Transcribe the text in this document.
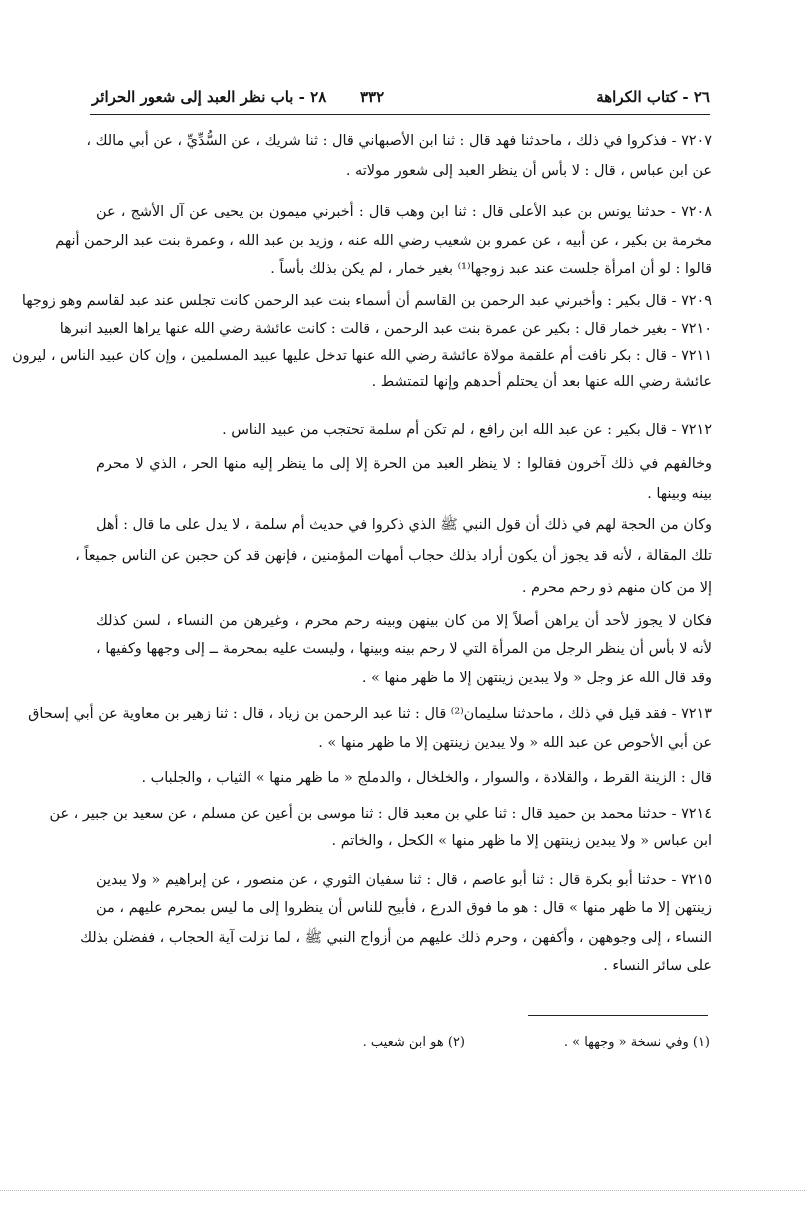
٢٦ - كتاب الكراهة
٣٣٢
٢٨ - باب نظر العبد إلى شعور الحرائر
٧٢٠٧ - فذكروا في ذلك ، ماحدثنا فهد قال : ثنا ابن الأصبهاني قال : ثنا شريك ، عن السُّدِّيِّ ، عن أبي مالك ،
عن ابن عباس ، قال : لا بأس أن ينظر العبد إلى شعور مولاته .
٧٢٠٨ - حدثنا يونس بن عبد الأعلى قال : ثنا ابن وهب قال : أخبرني ميمون بن يحيى عن آل الأشج ، عن
مخرمة بن بكير ، عن أبيه ، عن عمرو بن شعيب رضي الله عنه ، وزيد بن عبد الله ، وعمرة بنت عبد الرحمن أنهم
قالوا : لو أن امرأة جلست عند عبد زوجها⁽¹⁾ بغير خمار ، لم يكن بذلك بأساً .
٧٢٠٩ - قال بكير : وأخبرني عبد الرحمن بن القاسم أن أسماء بنت عبد الرحمن كانت تجلس عند عبد لقاسم وهو زوجها
٧٢١٠ - بغير خمار قال : بكير عن عمرة بنت عبد الرحمن ، قالت : كانت عائشة رضي الله عنها يراها العبيد انبرها
٧٢١١ - قال : بكر نافت أم علقمة مولاة عائشة رضي الله عنها تدخل عليها عبيد المسلمين ، وإن كان عبيد الناس ، ليرون
عائشة رضي الله عنها بعد أن يحتلم أحدهم وإنها لتمتشط .
٧٢١٢ - قال بكير : عن عبد الله ابن رافع ، لم تكن أم سلمة تحتجب من عبيد الناس .
وخالفهم في ذلك آخرون فقالوا : لا ينظر العبد من الحرة إلا إلى ما ينظر إليه منها الحر ، الذي لا محرم
بينه وبينها .
وكان من الحجة لهم في ذلك أن قول النبي ﷺ الذي ذكروا في حديث أم سلمة ، لا يدل على ما قال : أهل
تلك المقالة ، لأنه قد يجوز أن يكون أراد بذلك حجاب أمهات المؤمنين ، فإنهن قد كن حجبن عن الناس جميعاً ،
إلا من كان منهم ذو رحم محرم .
فكان لا يجوز لأحد أن يراهن أصلاً إلا من كان بينهن وبينه رحم محرم ، وغيرهن من النساء ، لسن كذلك
لأنه لا بأس أن ينظر الرجل من المرأة التي لا رحم بينه وبينها ، وليست عليه بمحرمة ــ إلى وجهها وكفيها ،
وقد قال الله عز وجل « ولا يبدين زينتهن إلا ما ظهر منها » .
٧٢١٣ - فقد قيل في ذلك ، ماحدثنا سليمان⁽²⁾ قال : ثنا عبد الرحمن بن زياد ، قال : ثنا زهير بن معاوية عن أبي إسحاق
عن أبي الأحوص عن عبد الله « ولا يبدين زينتهن إلا ما ظهر منها » .
قال : الزينة القرط ، والقلادة ، والسوار ، والخلخال ، والدملج « ما ظهر منها » الثياب ، والجلباب .
٧٢١٤ - حدثنا محمد بن حميد قال : ثنا علي بن معبد قال : ثنا موسى بن أعين عن مسلم ، عن سعيد بن جبير ، عن
ابن عباس « ولا يبدين زينتهن إلا ما ظهر منها » الكحل ، والخاتم .
٧٢١٥ - حدثنا أبو بكرة قال : ثنا أبو عاصم ، قال : ثنا سفيان الثوري ، عن منصور ، عن إبراهيم « ولا يبدين
زينتهن إلا ما ظهر منها » قال : هو ما فوق الدرع ، فأبيح للناس أن ينظروا إلى ما ليس بمحرم عليهم ، من
النساء ، إلى وجوههن ، وأكفهن ، وحرم ذلك عليهم من أزواج النبي ﷺ ، لما نزلت آية الحجاب ، ففضلن بذلك
على سائر النساء .
(١) وفي نسخة « وجهها » .
(٢) هو ابن شعيب .
